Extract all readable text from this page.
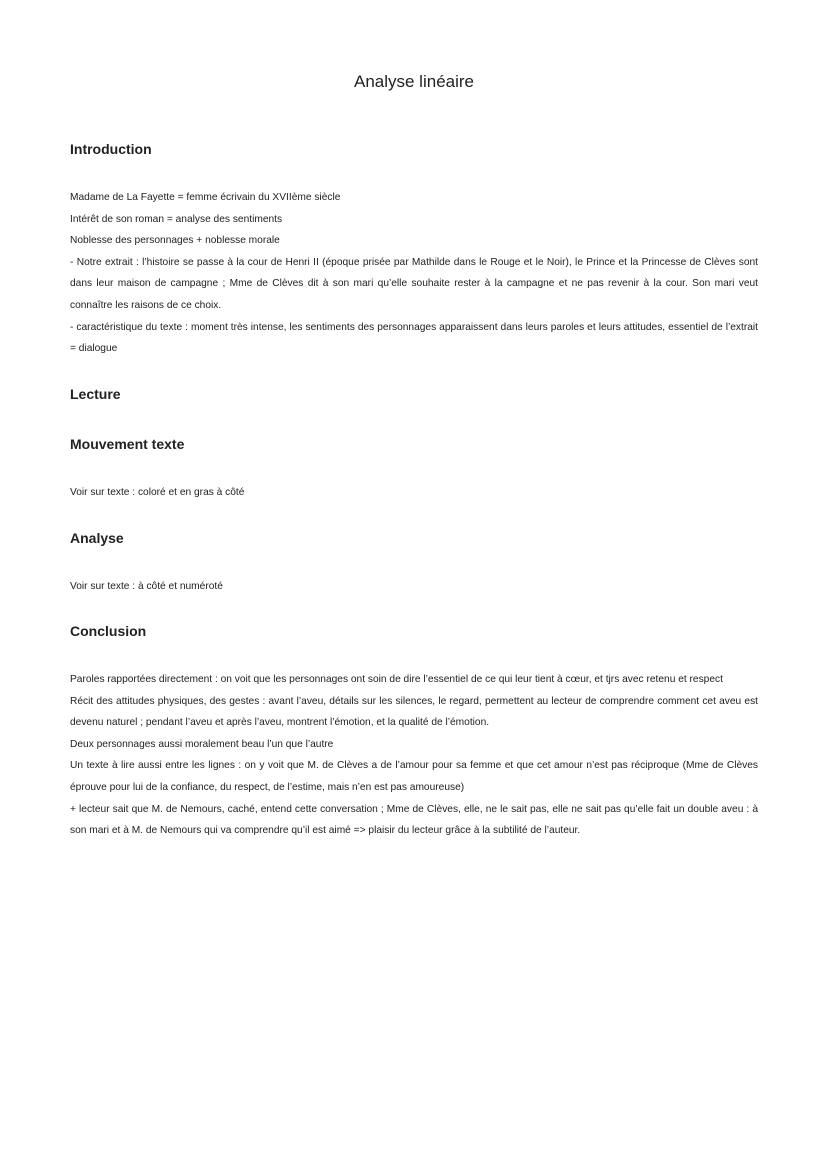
Analyse linéaire
Introduction

Madame de La Fayette = femme écrivain du XVIIème siècle

Intérêt de son roman = analyse des sentiments

Noblesse des personnages + noblesse morale

- Notre extrait : l’histoire se passe à la cour de Henri II (époque prisée par Mathilde dans le Rouge et le Noir), le Prince et la Princesse de Clèves sont dans leur maison de campagne ; Mme de Clèves dit à son mari qu’elle souhaite rester à la campagne et ne pas revenir à la cour. Son mari veut connaître les raisons de ce choix.

- caractéristique du texte : moment très intense, les sentiments des personnages apparaissent dans leurs paroles et leurs attitudes, essentiel de l’extrait = dialogue

Lecture
Mouvement texte

Voir sur texte : coloré et en gras à côté

Analyse

Voir sur texte : à côté et numéroté

Conclusion

Paroles rapportées directement : on voit que les personnages ont soin de dire l’essentiel de ce qui leur tient à cœur, et tjrs avec retenu et respect

Récit des attitudes physiques, des gestes : avant l’aveu, détails sur les silences, le regard, permettent au lecteur de comprendre comment cet aveu est devenu naturel ; pendant l’aveu et après l’aveu, montrent l’émotion, et la qualité de l’émotion.

Deux personnages aussi moralement beau l’un que l’autre

Un texte à lire aussi entre les lignes : on y voit que M. de Clèves a de l’amour pour sa femme et que cet amour n’est pas réciproque (Mme de Clèves éprouve pour lui de la confiance, du respect, de l’estime, mais n’en est pas amoureuse)

+ lecteur sait que M. de Nemours, caché, entend cette conversation ; Mme de Clèves, elle, ne le sait pas, elle ne sait pas qu’elle fait un double aveu : à son mari et à M. de Nemours qui va comprendre qu’il est aimé => plaisir du lecteur grâce à la subtilité de l’auteur.
